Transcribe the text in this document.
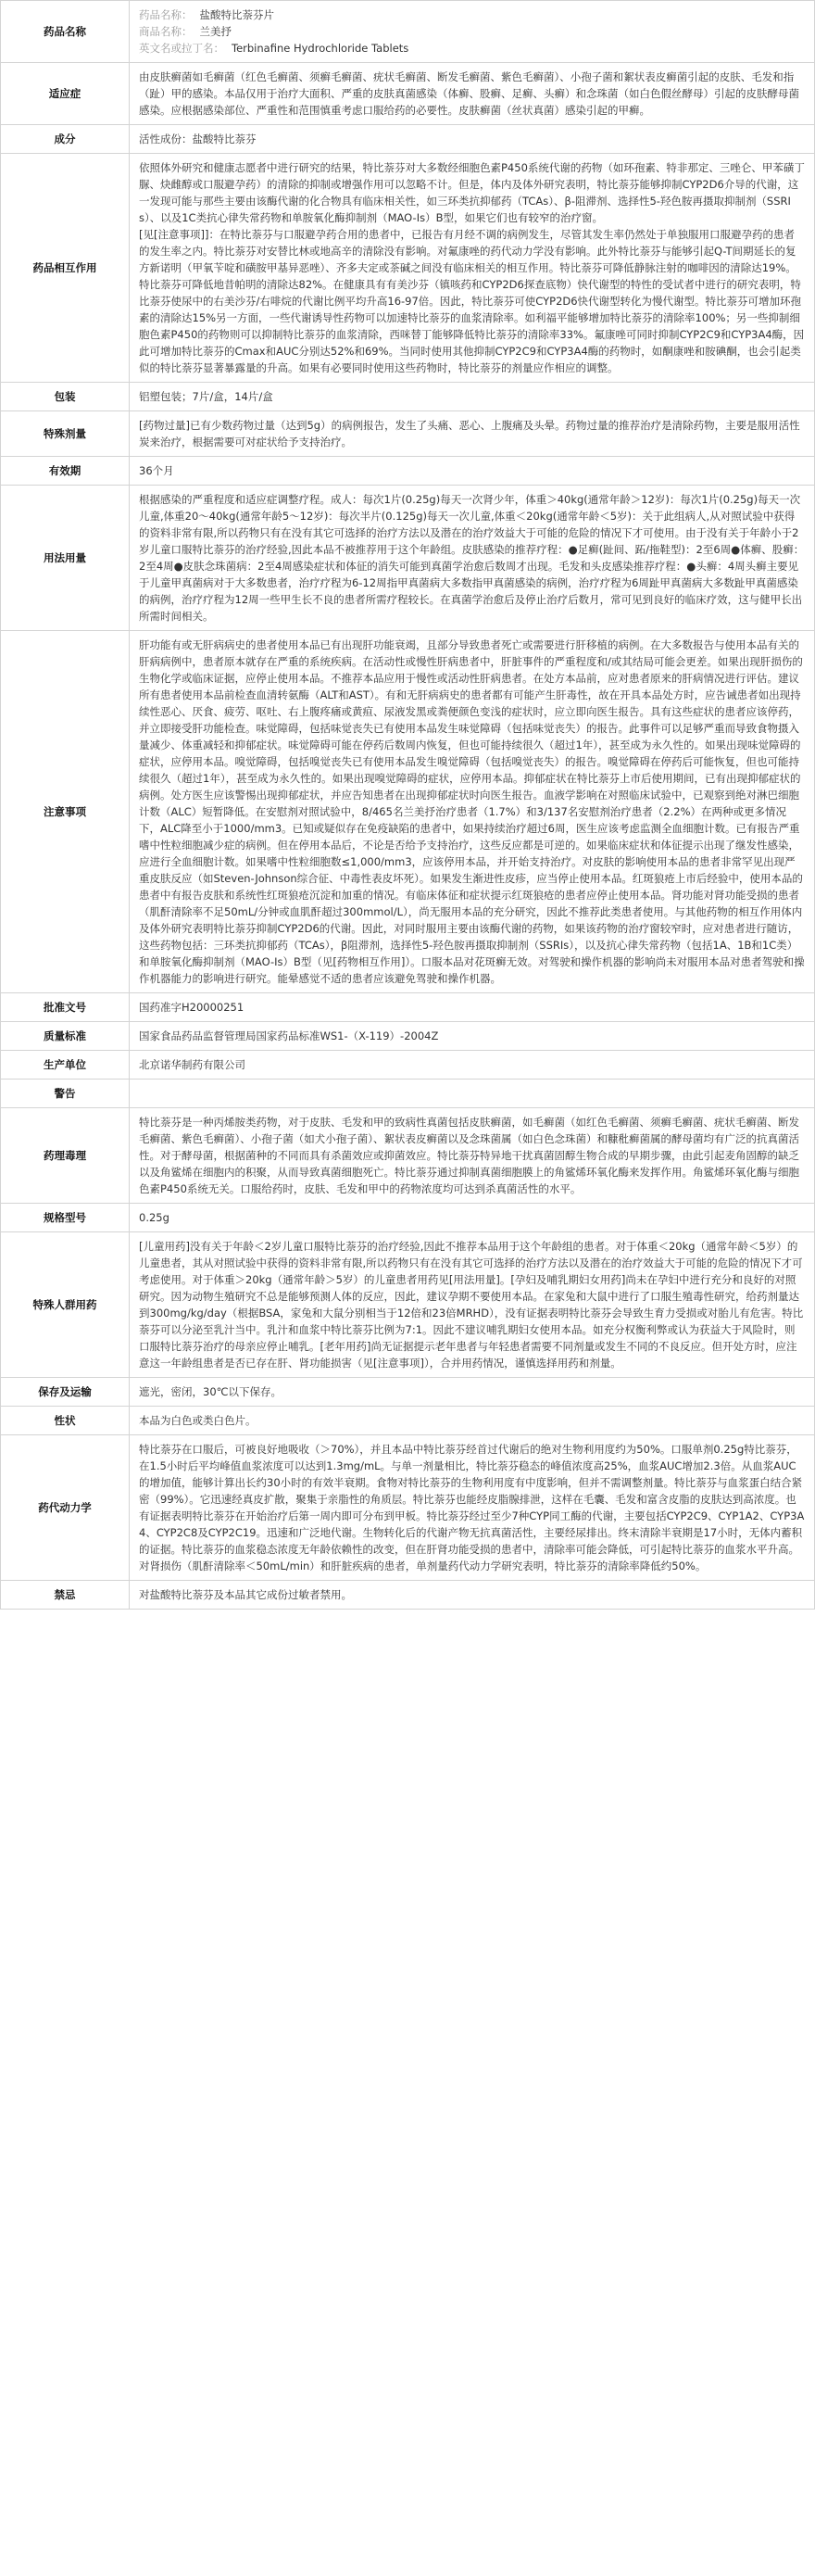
药品名称	药品名称： 盐酸特比萘芬片
商品名称： 兰美抒
英文名或拉丁名： Terbinafine Hydrochloride Tablets

适应症	由皮肤癣菌如毛癣菌（红色毛癣菌、须癣毛癣菌、疣状毛癣菌、断发毛癣菌、紫色毛癣菌）、小孢子菌和絮状表皮癣菌引起的皮肤、毛发和指（趾）甲的感染。本品仅用于治疗大面积、严重的皮肤真菌感染（体癣、股癣、足癣、头癣）和念珠菌（如白色假丝酵母）引起的皮肤酵母菌感染。应根据感染部位、严重性和范围慎重考虑口服给药的必要性。皮肤癣菌（丝状真菌）感染引起的甲癣。

成分	活性成份：盐酸特比萘芬

药品相互作用	依照体外研究和健康志愿者中进行研究的结果，特比萘芬对大多数经细胞色素P450系统代谢的药物（如环孢素、特非那定、三唑仑、甲苯磺丁脲、炔雌醇或口服避孕药）的清除的抑制或增强作用可以忽略不计。但是，体内及体外研究表明，特比萘芬能够抑制CYP2D6介导的代谢，这一发现可能与那些主要由该酶代谢的化合物具有临床相关性，如三环类抗抑郁药（TCAs）、β-阻滞剂、选择性5-羟色胺再摄取抑制剂（SSRIs）、以及1C类抗心律失常药物和单胺氧化酶抑制剂（MAO-Is）B型，如果它们也有较窄的治疗窗。
[见[注意事项]]：在特比萘芬与口服避孕药合用的患者中，已报告有月经不调的病例发生，尽管其发生率仍然处于单独服用口服避孕药的患者的发生率之内。特比萘芬对安替比林或地高辛的清除没有影响。对氟康唑的药代动力学没有影响。此外特比萘芬与能够引起Q-T间期延长的复方新诺明（甲氧苄啶和磺胺甲基异恶唑）、齐多夫定或茶碱之间没有临床相关的相互作用。特比萘芬可降低静脉注射的咖啡因的清除达19%。特比萘芬可降低地昔帕明的清除达82%。在健康具有有美沙芬（镇咳药和CYP2D6探查底物）快代谢型的特性的受试者中进行的研究表明，特比萘芬使尿中的右美沙芬/右啡烷的代谢比例平均升高16-97倍。因此，特比萘芬可使CYP2D6快代谢型转化为慢代谢型。特比萘芬可增加环孢素的清除达15%另一方面，一些代谢诱导性药物可以加速特比萘芬的血浆清除率。如利福平能够增加特比萘芬的清除率100%；另一些抑制细胞色素P450的药物则可以抑制特比萘芬的血浆清除，西咪替丁能够降低特比萘芬的清除率33%。氟康唑可同时抑制CYP2C9和CYP3A4酶，因此可增加特比萘芬的Cmax和AUC分别达52%和69%。当同时使用其他抑制CYP2C9和CYP3A4酶的药物时，如酮康唑和胺碘酮，也会引起类似的特比萘芬显著暴露量的升高。如果有必要同时使用这些药物时，特比萘芬的剂量应作相应的调整。

包装	铝塑包装；7片/盒，14片/盒

特殊剂量	[药物过量]已有少数药物过量（达到5g）的病例报告，发生了头痛、恶心、上腹痛及头晕。药物过量的推荐治疗是清除药物，主要是服用活性炭来治疗，根据需要可对症状给予支持治疗。

有效期	36个月

用法用量	根据感染的严重程度和适应症调整疗程。成人：每次1片(0.25g)每天一次肾少年，体重＞40kg(通常年龄＞12岁)：每次1片(0.25g)每天一次儿童,体重20～40kg(通常年龄5～12岁)：每次半片(0.125g)每天一次儿童,体重＜20kg(通常年龄＜5岁)：关于此组病人,从对照试验中获得的资料非常有限,所以药物只有在没有其它可选择的治疗方法以及潜在的治疗效益大于可能的危险的情况下才可使用。由于没有关于年龄小于2岁儿童口服特比萘芬的治疗经验,因此本品不被推荐用于这个年龄组。皮肤感染的推荐疗程：●足癣(趾间、跖/拖鞋型)：2至6周●体癣、股癣：2至4周●皮肤念珠菌病：2至4周感染症状和体征的消失可能到真菌学治愈后数周才出现。毛发和头皮感染推荐疗程：●头癣：4周头癣主要见于儿童甲真菌病对于大多数患者，治疗疗程为6-12周指甲真菌病大多数指甲真菌感染的病例，治疗疗程为6周趾甲真菌病大多数趾甲真菌感染的病例，治疗疗程为12周一些甲生长不良的患者所需疗程较长。在真菌学治愈后及停止治疗后数月，常可见到良好的临床疗效，这与健甲长出所需时间相关。

注意事项	肝功能有或无肝病病史的患者使用本品已有出现肝功能衰竭，且部分导致患者死亡或需要进行肝移植的病例。在大多数报告与使用本品有关的肝病病例中，患者原本就存在严重的系统疾病。在活动性或慢性肝病患者中，肝脏事件的严重程度和/或其结局可能会更差。如果出现肝损伤的生物化学或临床证据，应停止使用本品。不推荐本品应用于慢性或活动性肝病患者。在处方本品前，应对患者原来的肝病情况进行评估。建议所有患者使用本品前检查血清转氨酶（ALT和AST）。有和无肝病病史的患者都有可能产生肝毒性，故在开具本品处方时，应告诫患者如出现持续性恶心、厌食、疲劳、呕吐、右上腹疼痛或黄疸、尿液发黑或粪便颜色变浅的症状时，应立即向医生报告。具有这些症状的患者应该停药，并立即接受肝功能检查。味觉障碍，包括味觉丧失已有使用本品发生味觉障碍（包括味觉丧失）的报告。此事件可以足够严重而导致食物摄入量减少、体重减轻和抑郁症状。味觉障碍可能在停药后数周内恢复，但也可能持续很久（超过1年），甚至成为永久性的。如果出现味觉障碍的症状，应停用本品。嗅觉障碍，包括嗅觉丧失已有使用本品发生嗅觉障碍（包括嗅觉丧失）的报告。嗅觉障碍在停药后可能恢复，但也可能持续很久（超过1年），甚至成为永久性的。如果出现嗅觉障碍的症状，应停用本品。抑郁症状在特比萘芬上市后使用期间，已有出现抑郁症状的病例。处方医生应该警惕出现抑郁症状，并应告知患者在出现抑郁症状时向医生报告。血液学影响在对照临床试验中，已观察到绝对淋巴细胞计数（ALC）短暂降低。在安慰剂对照试验中，8/465名兰美抒治疗患者（1.7%）和3/137名安慰剂治疗患者（2.2%）在两种或更多情况下，ALC降至小于1000/mm3。已知或疑似存在免疫缺陷的患者中，如果持续治疗超过6周，医生应该考虑监测全血细胞计数。已有报告严重嗜中性粒细胞减少症的病例。但在停用本品后，不论是否给予支持治疗，这些反应都是可逆的。如果临床症状和体征提示出现了继发性感染，应进行全血细胞计数。如果嗜中性粒细胞数≤1,000/mm3，应该停用本品，并开始支持治疗。对皮肤的影响使用本品的患者非常罕见出现严重皮肤反应（如Steven-Johnson综合征、中毒性表皮坏死）。如果发生渐进性皮疹，应当停止使用本品。红斑狼疮上市后经验中，使用本品的患者中有报告皮肤和系统性红斑狼疮沉淀和加重的情况。有临床体征和症状提示红斑狼疮的患者应停止使用本品。肾功能对肾功能受损的患者（肌酐清除率不足50mL/分钟或血肌酐超过300mmol/L），尚无服用本品的充分研究，因此不推荐此类患者使用。与其他药物的相互作用体内及体外研究表明特比萘芬抑制CYP2D6的代谢。因此，对同时服用主要由该酶代谢的药物，如果该药物的治疗窗较窄时，应对患者进行随访，这些药物包括：三环类抗抑郁药（TCAs），β阻滞剂，选择性5-羟色胺再摄取抑制剂（SSRIs），以及抗心律失常药物（包括1A、1B和1C类）和单胺氧化酶抑制剂（MAO-Is）B型（见[药物相互作用]）。口服本品对花斑癣无效。对驾驶和操作机器的影响尚未对服用本品对患者驾驶和操作机器能力的影响进行研究。能晕感觉不适的患者应该避免驾驶和操作机器。

批准文号	国药准字H20000251

质量标准	国家食品药品监督管理局国家药品标准WS1-（X-119）-2004Z

生产单位	北京诺华制药有限公司

警告	

药理毒理	特比萘芬是一种丙烯胺类药物，对于皮肤、毛发和甲的致病性真菌包括皮肤癣菌，如毛癣菌（如红色毛癣菌、须癣毛癣菌、疣状毛癣菌、断发毛癣菌、紫色毛癣菌）、小孢子菌（如犬小孢子菌）、絮状表皮癣菌以及念珠菌属（如白色念珠菌）和糠秕癣菌属的酵母菌均有广泛的抗真菌活性。对于酵母菌，根据菌种的不同而具有杀菌效应或抑菌效应。特比萘芬特异地干扰真菌固醇生物合成的早期步骤，由此引起麦角固醇的缺乏以及角鲨烯在细胞内的积聚，从而导致真菌细胞死亡。特比萘芬通过抑制真菌细胞膜上的角鲨烯环氧化酶来发挥作用。角鲨烯环氧化酶与细胞色素P450系统无关。口服给药时，皮肤、毛发和甲中的药物浓度均可达到杀真菌活性的水平。

规格型号	0.25g

特殊人群用药	[儿童用药]没有关于年龄＜2岁儿童口服特比萘芬的治疗经验,因此不推荐本品用于这个年龄组的患者。对于体重＜20kg（通常年龄＜5岁）的儿童患者，其从对照试验中获得的资料非常有限,所以药物只有在没有其它可选择的治疗方法以及潜在的治疗效益大于可能的危险的情况下才可考虑使用。对于体重＞20kg（通常年龄＞5岁）的儿童患者用药见[用法用量]。[孕妇及哺乳期妇女用药]尚未在孕妇中进行充分和良好的对照研究。因为动物生殖研究不总是能够预测人体的反应，因此，建议孕期不要使用本品。在家兔和大鼠中进行了口服生殖毒性研究，给药剂量达到300mg/kg/day（根据BSA，家兔和大鼠分别相当于12倍和23倍MRHD），没有证据表明特比萘芬会导致生育力受损或对胎儿有危害。特比萘芬可以分泌至乳汁当中。乳汁和血浆中特比萘芬比例为7:1。因此不建议哺乳期妇女使用本品。如充分权衡利弊或认为获益大于风险时，则口服特比萘芬治疗的母亲应停止哺乳。[老年用药]尚无证据提示老年患者与年轻患者需要不同剂量或发生不同的不良反应。但开处方时，应注意这一年龄组患者是否已存在肝、肾功能损害（见[注意事项]），合并用药情况，谨慎选择用药和剂量。

保存及运输	遮光，密闭，30℃以下保存。

性状	本品为白色或类白色片。

药代动力学	特比萘芬在口服后，可被良好地吸收（＞70%），并且本品中特比萘芬经首过代谢后的绝对生物利用度约为50%。口服单剂0.25g特比萘芬，在1.5小时后平均峰值血浆浓度可以达到1.3mg/mL。与单一剂量相比，特比萘芬稳态的峰值浓度高25%，血浆AUC增加2.3倍。从血浆AUC的增加值，能够计算出长约30小时的有效半衰期。食物对特比萘芬的生物利用度有中度影响，但并不需调整剂量。特比萘芬与血浆蛋白结合紧密（99%）。它迅速经真皮扩散，聚集于亲脂性的角质层。特比萘芬也能经皮脂腺排泄，这样在毛囊、毛发和富含皮脂的皮肤达到高浓度。也有证据表明特比萘芬在开始治疗后第一周内即可分布到甲板。特比萘芬经过至少7种CYP同工酶的代谢，主要包括CYP2C9、CYP1A2、CYP3A4、CYP2C8及CYP2C19。迅速和广泛地代谢。生物转化后的代谢产物无抗真菌活性，主要经尿排出。终末清除半衰期是17小时，无体内蓄积的证据。特比萘芬的血浆稳态浓度无年龄依赖性的改变，但在肝肾功能受损的患者中，清除率可能会降低，可引起特比萘芬的血浆水平升高。对肾损伤（肌酐清除率＜50mL/min）和肝脏疾病的患者，单剂量药代动力学研究表明，特比萘芬的清除率降低约50%。

禁忌	对盐酸特比萘芬及本品其它成份过敏者禁用。
